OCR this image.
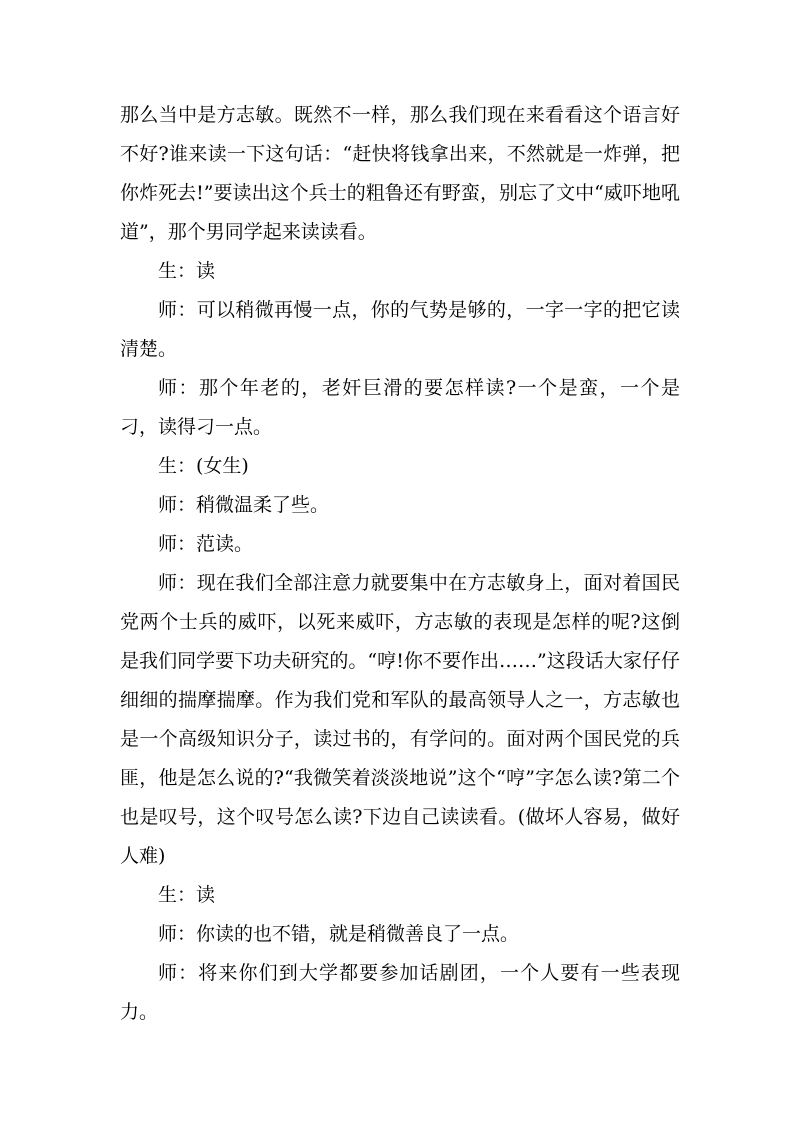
那么当中是方志敏。既然不一样，那么我们现在来看看这个语言好不好?谁来读一下这句话：“赶快将钱拿出来，不然就是一炸弹，把你炸死去!”要读出这个兵士的粗鲁还有野蛮，别忘了文中“威吓地吼道”，那个男同学起来读读看。

生：读

师：可以稍微再慢一点，你的气势是够的，一字一字的把它读清楚。

师：那个年老的，老奸巨滑的要怎样读?一个是蛮，一个是刁，读得刁一点。

生：(女生)

师：稍微温柔了些。

师：范读。

师：现在我们全部注意力就要集中在方志敏身上，面对着国民党两个士兵的威吓，以死来威吓，方志敏的表现是怎样的呢?这倒是我们同学要下功夫研究的。“哼!你不要作出……”这段话大家仔仔细细的揣摩揣摩。作为我们党和军队的最高领导人之一，方志敏也是一个高级知识分子，读过书的，有学问的。面对两个国民党的兵匪，他是怎么说的?“我微笑着淡淡地说”这个“哼”字怎么读?第二个也是叹号，这个叹号怎么读?下边自己读读看。(做坏人容易，做好人难)

生：读

师：你读的也不错，就是稍微善良了一点。

师：将来你们到大学都要参加话剧团，一个人要有一些表现力。
